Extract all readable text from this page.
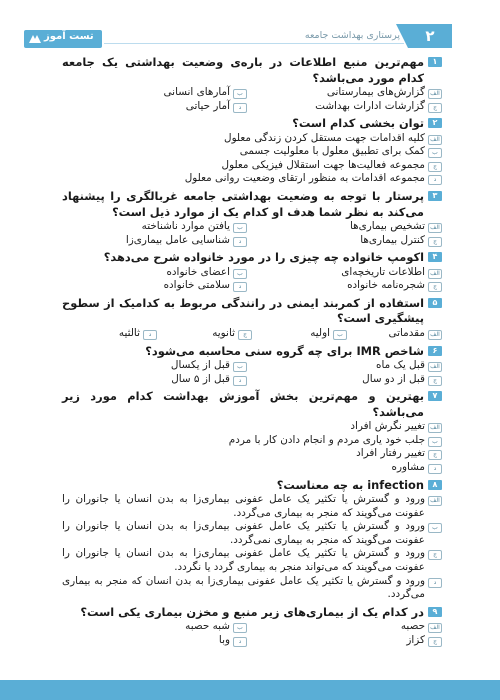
تست آموز	پرستاری بهداشت جامعه	۲
۱
مهم‌ترین منبع اطلاعات در باره‌ی وضعیت بهداشتی یک جامعه کدام مورد می‌باشد؟
الف
گزارش‌های بیمارستانی
ب
آمارهای انسانی
ج
گزارشات ادارات بهداشت
د
آمار حیاتی
۲
توان بخشی کدام است؟
الف
کلیه اقدامات جهت مستقل کردن زندگی معلول
ب
کمک برای تطبیق معلول با معلولیت جسمی
ج
مجموعه فعالیت‌ها جهت استقلال فیزیکی معلول
د
مجموعه اقدامات به منظور ارتقای وضعیت روانی معلول
۳
پرستار با توجه به وضعیت بهداشتی جامعه غربالگری را پیشنهاد می‌کند به نظر شما هدف او کدام یک از موارد ذیل است؟
الف
تشخیص بیماری‌ها
ب
یافتن موارد ناشناخته
ج
کنترل بیماری‌ها
د
شناسایی عامل بیماری‌زا
۴
اکومپ خانواده چه چیزی را در مورد خانواده شرح می‌دهد؟
الف
اطلاعات تاریخچه‌ای
ب
اعضای خانواده
ج
شجره‌نامه خانواده
د
سلامتی خانواده
۵
استفاده از کمربند ایمنی در رانندگی مربوط به کدامیک از سطوح پیشگیری است؟
الف
مقدماتی
ب
اولیه
ج
ثانویه
د
ثالثیه
۶
شاخص IMR برای چه گروه سنی محاسبه می‌شود؟
الف
قبل یک ماه
ب
قبل از یکسال
ج
قبل از دو سال
د
قبل از ۵ سال
۷
بهترین و مهم‌ترین بخش آموزش بهداشت کدام مورد زیر می‌باشد؟
الف
تغییر نگرش افراد
ب
جلب خود یاری مردم و انجام دادن کار با مردم
ج
تغییر رفتار افراد
د
مشاوره
۸
infection به چه معناست؟
الف
ورود و گسترش یا تکثیر یک عامل عفونی بیماری‌زا به بدن انسان یا جانوران را عفونت می‌گویند که منجر به بیماری می‌گردد.
ب
ورود و گسترش یا تکثیر یک عامل عفونی بیماری‌زا به بدن انسان یا جانوران را عفونت می‌گویند که منجر به بیماری نمی‌گردد.
ج
ورود و گسترش یا تکثیر یک عامل عفونی بیماری‌زا به بدن انسان یا جانوران را عفونت می‌گویند که می‌تواند منجر به بیماری گردد یا نگردد.
د
ورود و گسترش یا تکثیر یک عامل عفونی بیماری‌زا به بدن انسان که منجر به بیماری می‌گردد.
۹
در کدام یک از بیماری‌های زیر منبع و مخزن بیماری یکی است؟
الف
حصبه
ب
شبه حصبه
ج
کزاز
د
وبا
